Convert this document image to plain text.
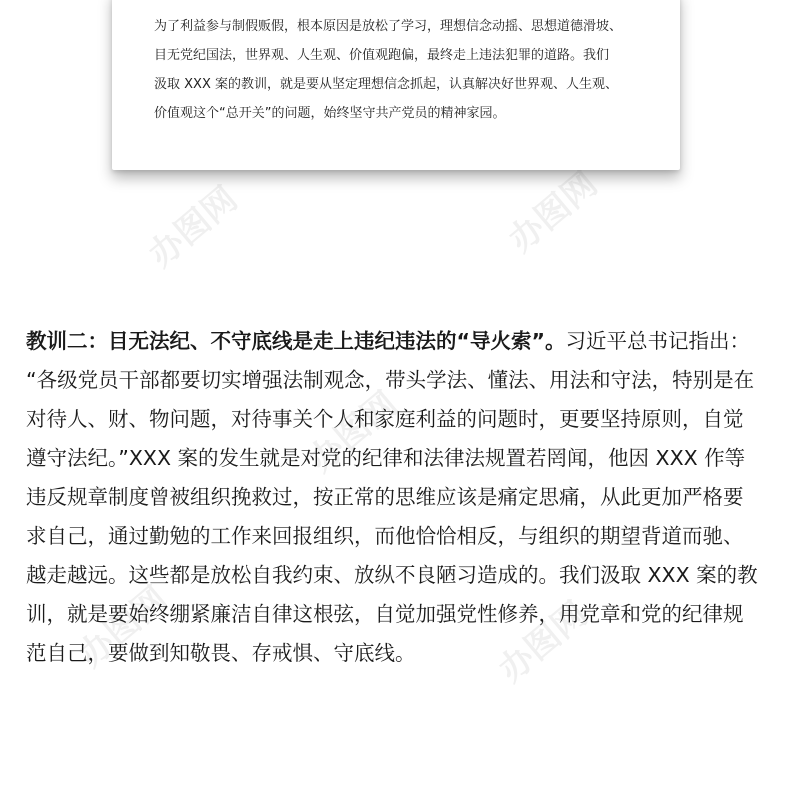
办图网	办图网
办图网
办图网	办图网
为了利益参与制假贩假，根本原因是放松了学习，理想信念动摇、思想道德滑坡、
目无党纪国法，世界观、人生观、价值观跑偏，最终走上违法犯罪的道路。我们
汲取 XXX 案的教训，就是要从坚定理想信念抓起，认真解决好世界观、人生观、
价值观这个“总开关”的问题，始终坚守共产党员的精神家园。
教训二：目无法纪、不守底线是走上违纪违法的“导火索”。习近平总书记指出：
“各级党员干部都要切实增强法制观念，带头学法、懂法、用法和守法，特别是在
对待人、财、物问题，对待事关个人和家庭利益的问题时，更要坚持原则，自觉
遵守法纪。”XXX 案的发生就是对党的纪律和法律法规置若罔闻，他因 XXX 作等
违反规章制度曾被组织挽救过，按正常的思维应该是痛定思痛，从此更加严格要
求自己，通过勤勉的工作来回报组织，而他恰恰相反，与组织的期望背道而驰、
越走越远。这些都是放松自我约束、放纵不良陋习造成的。我们汲取 XXX 案的教
训，就是要始终绷紧廉洁自律这根弦，自觉加强党性修养，用党章和党的纪律规
范自己，要做到知敬畏、存戒惧、守底线。
